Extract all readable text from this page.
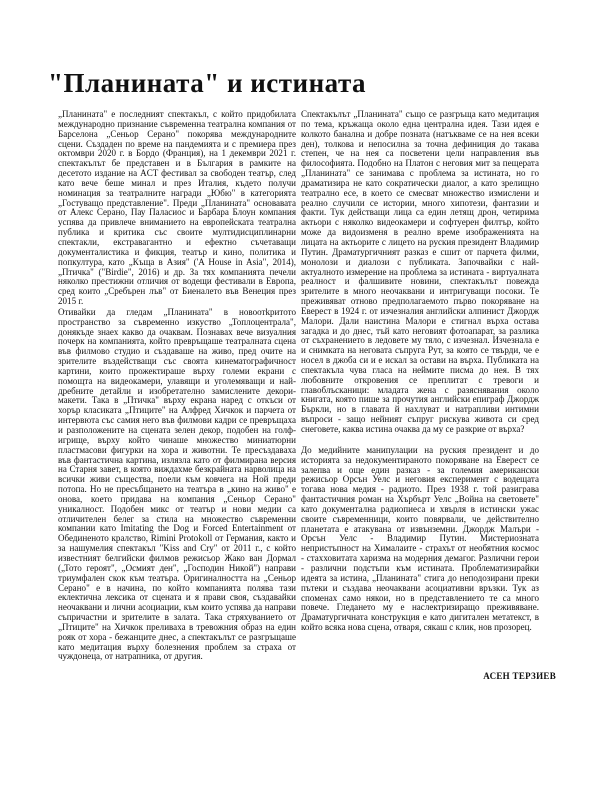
"Планината" и истината

„Планината" е последният спектакъл, с който придобилата международно признание съвременна театрална компания от Барселона „Сеньор Серано" покорява международните сцени. Създаден по време на пандемията и с премиера през октомври 2020 г. в Бордо (Франция), на 1 декември 2021 г. спектакълът бе представен и в България в рамките на десетото издание на ACT фестивал за свободен театър, след като вече беше минал и през Италия, където получи номинация за театралните награди „Юбю" в категорията „Гостуващо представление". Преди „Планината" основавата от Алекс Серано, Пау Паласиос и Барбара Блоун компания успява да привлече вниманието на европейската театрална публика и критика със своите мултидисциплинарни спектакли, екстравагантно и ефектно съчетаващи документалистика и фикция, театър и кино, политика и попкултура, като „Къща в Азия" ('A House in Asia", 2014), „Птичка" ("Birdie", 2016) и др. За тях компанията печели няколко престижни отличия от водещи фестивали в Европа, сред които „Сребърен лъв" от Биеналето във Венеция през 2015 г.

Отивайки да гледам „Планината" в новоотkритото пространство за съвременно изкуство „Топлоцентрала", донякъде знаех какво да очаквам. Познавах вече визуалния почерк на компанията, който превръщаше театралната сцена във филмово студио и създаваше на живо, пред очите на зрителите въздействащи със своята кинематографичност картини, които прожектираше върху големи екрани с помощта на видеокамери, улавящи и уголемяващи и най-дребните детайли и изобретателно замислените декори-макети. Така в „Птичка" върху екрана наред с откъси от хорър класиката „Птиците" на Алфред Хичкок и парчета от интервюта със самия него във филмови кадри се превръщаха и разположените на сцената зелен декор, подобен на голф-игрище, върху който чинаше множество миниатюрни пластмасови фигурки на хора и животни. Те пресъздаваха във фантастична картина, излязла като от филмирана версия на Старня завет, в която виждахме безкрайната нарволица на всички живи същества, поели към ковчега на Ной преди потопа. Но не пресъбщането на театъра в „кино на живо" е онова, което придава на компания „Сеньор Серано" уникалност. Подобен микс от театър и нови медии са отличителен белег за стила на множество съвременни компании като Imitating the Dog и Forced Entertainment от Обединеното кралство, Rimini Protokoll от Германия, както и за нашумелия спектакъл "Kiss and Cry" от 2011 г., с който известният белгийски филмов режисьор Жако ван Дормал („Тото героят", „Осмият ден", „Господин Никой") направи триумфален скок към театъра. Оригиналността на „Сеньор Серано" е в начина, по който компанията полява тази еклектична лексика от сцената и я прави своя, създавайки неочаквани и лични асоциации, към които успява да направи съпричастни и зрителите в залата. Така стряхуванието от „Птиците" на Хичкок преливаха в тревожния образ на един рояк от хора - бежанците днес, а спектакълът се разгръщаше като медитация върху болезнения проблем за страха от чуждонеца, от натрапника, от другия.

Спектакълът „Планината" също се разгръща като медитация по тема, кръжаща около една централна идея. Тази идея е колкото банална и добре позната (натъкваме се на нея всеки ден), толкова и непосилна за точна дефиниция до такава степен, че на нея са посветени цели направления във философията. Подобно на Платон с неговия мит за пещерата „Планината" се занимава с проблема за истината, но го драматизира не като сократически диалог, а като зрелищно театрално есе, в което се смесват множество измислени и реално случили се истории, много хипотези, фантазии и факти. Тук действащи лица са един летящ дрон, четирима актьори с няколко видеокамери и софтуерен филтър, който може да видоизменя в реално време изображенията на лицата на актьорите с лицето на руския президент Владимир Путин. Драматургичният разказ е сшит от парчета филми, монолози и диалози с публиката. Започвайки с най-актуалното измерение на проблема за истината - виртуалната реалност и фалшивите новини, спектакълът повежда зрителите в много неочаквани и интригуващи посоки. Те преживяват отново предполагаемото първо покоряване на Еверест в 1924 г. от изчезналия английски алпинист Джордж Малори. Дали наистина Малори е стигнал върха остава загадка и до днес, тъй като неговият фотоапарат, за разлика от съхранението в ледовете му тяло, с изчезнал. Изчезнала е и снимката на неговата съпруга Рут, за която се твърди, че е носел в джоба си и е искал за остави на върха. Публиката на спектакъла чува гласа на неймите писма до нея. В тях любовните откровения се преплитат с тревоги и главоблъсканици: младата жена с разяснявания около книгата, която пише за прочутия английски епиграф Джордж Бъркли, но в главата й нахлуват и натрапливи интимни въпроси - защо нейният съпруг рискува живота си сред снеговете, каква истина очаква да му се разкрие от върха?

До медийните манипулации на руския президент и до историята за недокументираното покоряване на Еверест се залепва и още един разказ - за големия американски режисьор Орсън Уелс и неговия експеримент с водещата тогава нова медия - радиото. През 1938 г. той разиграва фантастичния роман на Хърбърт Уелс „Война на световете" като документална радиопиеса и хвърля в истински ужас своите съвременници, които повярвали, че действително планетата е атакувана от извънземни. Джордж Малъри - Орсън Уелс - Владимир Путин. Мистериозната непристъпност на Хималаите - страхът от необятния космос - стахховитата харизма на модерния демагог. Различни герои - различни подстъпи към истината. Проблематизирайки идеята за истина, „Планината" стига до неподозирани преки пътеки и създава неочаквани асоциативни връзки. Тук аз споменах само някои, но в представлението те са много повече. Гледането му е наслектризиращо преживяване. Драматургичната конструкция е като дигитален метатекст, в който всяка нова сцена, отваря, сякаш с клик, нов прозорец.

АСЕН ТЕРЗИЕВ
